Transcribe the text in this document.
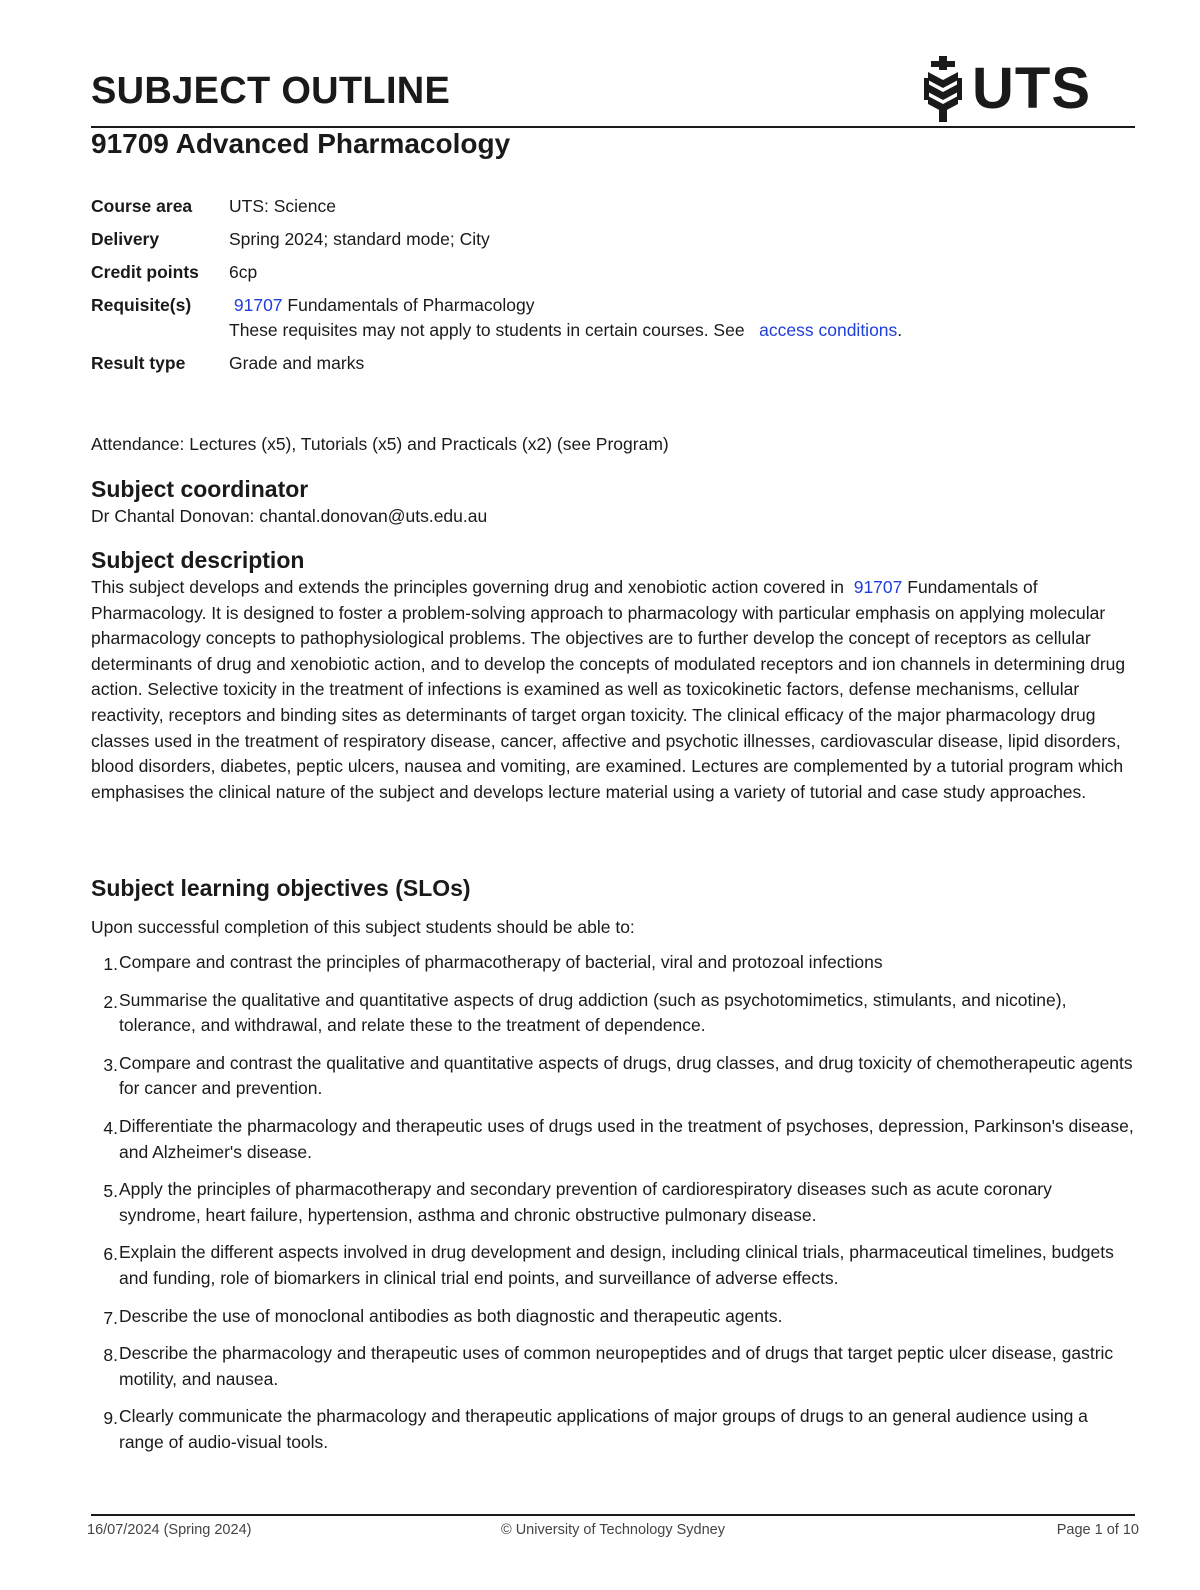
SUBJECT OUTLINE	UTS
91709 Advanced Pharmacology
Course area	UTS: Science
Delivery	Spring 2024; standard mode; City
Credit points	6cp
Requisite(s)	91707 Fundamentals of Pharmacology
These requisites may not apply to students in certain courses. See   access conditions.
Result type	Grade and marks
Attendance: Lectures (x5), Tutorials (x5) and Practicals (x2) (see Program)
Subject coordinator
Dr Chantal Donovan: chantal.donovan@uts.edu.au
Subject description

This subject develops and extends the principles governing drug and xenobiotic action covered in  91707 Fundamentals of Pharmacology. It is designed to foster a problem-solving approach to pharmacology with particular emphasis on applying molecular pharmacology concepts to pathophysiological problems. The objectives are to further develop the concept of receptors as cellular determinants of drug and xenobiotic action, and to develop the concepts of modulated receptors and ion channels in determining drug action. Selective toxicity in the treatment of infections is examined as well as toxicokinetic factors, defense mechanisms, cellular reactivity, receptors and binding sites as determinants of target organ toxicity. The clinical efficacy of the major pharmacology drug classes used in the treatment of respiratory disease, cancer, affective and psychotic illnesses, cardiovascular disease, lipid disorders, blood disorders, diabetes, peptic ulcers, nausea and vomiting, are examined. Lectures are complemented by a tutorial program which emphasises the clinical nature of the subject and develops lecture material using a variety of tutorial and case study approaches.

Subject learning objectives (SLOs)
Upon successful completion of this subject students should be able to:
1. Compare and contrast the principles of pharmacotherapy of bacterial, viral and protozoal infections
2. Summarise the qualitative and quantitative aspects of drug addiction (such as psychotomimetics, stimulants, and nicotine), tolerance, and withdrawal, and relate these to the treatment of dependence.
3. Compare and contrast the qualitative and quantitative aspects of drugs, drug classes, and drug toxicity of chemotherapeutic agents for cancer and prevention.
4. Differentiate the pharmacology and therapeutic uses of drugs used in the treatment of psychoses, depression, Parkinson's disease, and Alzheimer's disease.
5. Apply the principles of pharmacotherapy and secondary prevention of cardiorespiratory diseases such as acute coronary syndrome, heart failure, hypertension, asthma and chronic obstructive pulmonary disease.
6. Explain the different aspects involved in drug development and design, including clinical trials, pharmaceutical timelines, budgets and funding, role of biomarkers in clinical trial end points, and surveillance of adverse effects.
7. Describe the use of monoclonal antibodies as both diagnostic and therapeutic agents.
8. Describe the pharmacology and therapeutic uses of common neuropeptides and of drugs that target peptic ulcer disease, gastric motility, and nausea.
9. Clearly communicate the pharmacology and therapeutic applications of major groups of drugs to an general audience using a range of audio-visual tools.
16/07/2024 (Spring 2024)	© University of Technology Sydney	Page 1 of 10
